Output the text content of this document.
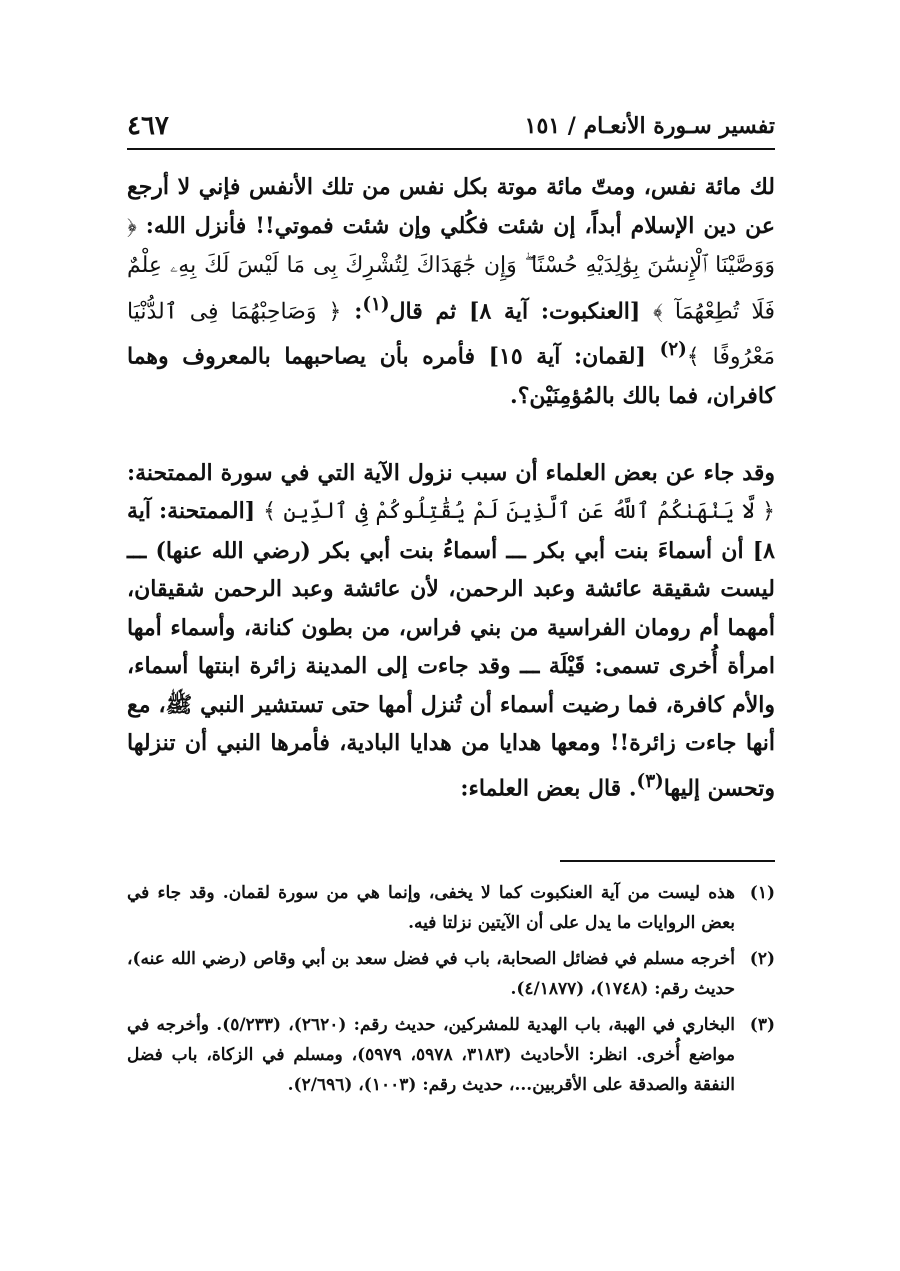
تفسير سـورة الأنعـام / ١٥١
٤٦٧

لك مائة نفس، ومتّ مائة موتة بكل نفس من تلك الأنفس فإني لا أرجع عن دين الإسلام أبداً، إن شئت فكُلي وإن شئت فموتي!! فأنزل الله: ﴿ وَوَصَّيْنَا ٱلْإِنسَٰنَ بِوَٰلِدَيْهِ حُسْنًا ۖ وَإِن جَٰهَدَاكَ لِتُشْرِكَ بِى مَا لَيْسَ لَكَ بِهِۦ عِلْمٌ فَلَا تُطِعْهُمَآ ﴾ [العنكبوت: آية ٨] ثم قال$^{(١)}$: ﴿ وَصَاحِبْهُمَا فِى ٱلدُّنْيَا مَعْرُوفًا ﴾$^{(٢)}$ [لقمان: آية ١٥] فأمره بأن يصاحبهما بالمعروف وهما كافران، فما بالك بالمُؤمِنَيْن؟.

وقد جاء عن بعض العلماء أن سبب نزول الآية التي في سورة الممتحنة: ﴿ لَّا يَنْهَىٰكُمُ ٱللَّهُ عَنِ ٱلَّذِينَ لَمْ يُقَٰتِلُوكُمْ فِى ٱلدِّينِ ﴾ [الممتحنة: آية ٨] أن أسماءَ بنت أبي بكر ـــ أسماءُ بنت أبي بكر (رضي الله عنها) ـــ ليست شقيقة عائشة وعبد الرحمن، لأن عائشة وعبد الرحمن شقيقان، أمهما أم رومان الفراسية من بني فراس، من بطون كنانة، وأسماء أمها امرأة أُخرى تسمى: قَيْلَة ـــ وقد جاءت إلى المدينة زائرة ابنتها أسماء، والأم كافرة، فما رضيت أسماء أن تُنزل أمها حتى تستشير النبي ﷺ، مع أنها جاءت زائرة!! ومعها هدايا من هدايا البادية، فأمرها النبي أن تنزلها وتحسن إليها$^{(٣)}$. قال بعض العلماء:

(١)
هذه ليست من آية العنكبوت كما لا يخفى، وإنما هي من سورة لقمان. وقد جاء في بعض الروايات ما يدل على أن الآيتين نزلتا فيه.
(٢)
أخرجه مسلم في فضائل الصحابة، باب في فضل سعد بن أبي وقاص (رضي الله عنه)، حديث رقم: (١٧٤٨)، (٤/١٨٧٧).
(٣)
البخاري في الهبة، باب الهدية للمشركين، حديث رقم: (٢٦٢٠)، (٥/٢٣٣). وأخرجه في مواضع أُخرى. انظر: الأحاديث (٣١٨٣، ٥٩٧٨، ٥٩٧٩)، ومسلم في الزكاة، باب فضل النفقة والصدقة على الأقربين...، حديث رقم: (١٠٠٣)، (٢/٦٩٦).
